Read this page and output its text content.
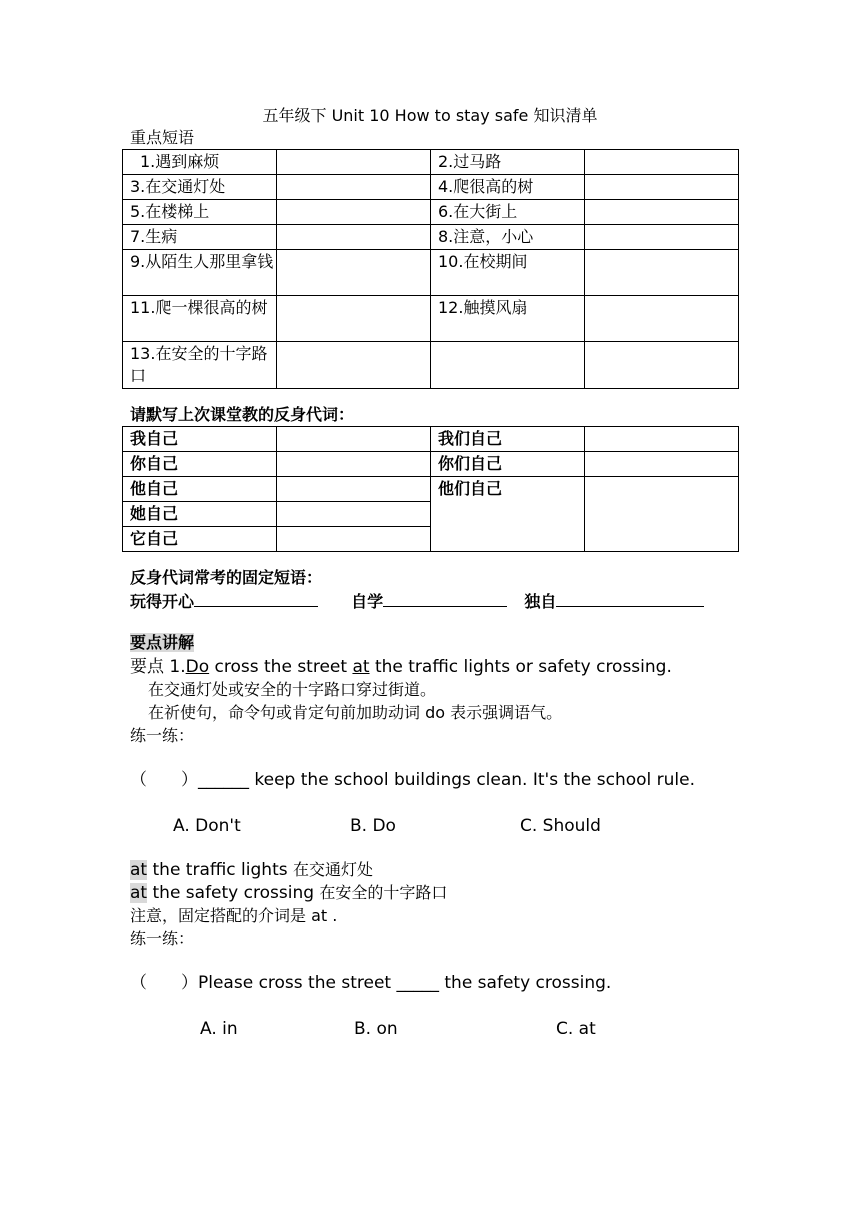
五年级下 Unit 10 How to stay safe 知识清单
重点短语
1.遇到麻烦		2.过马路	
3.在交通灯处		4.爬很高的树	
5.在楼梯上		6.在大街上	
7.生病		8.注意，小心	
9.从陌生人那里拿钱		10.在校期间	
11.爬一棵很高的树		12.触摸风扇	
13.在安全的十字路口			
请默写上次课堂教的反身代词：
我自己		我们自己	
你自己		你们自己	
他自己		他们自己	
她自己			
它自己			
反身代词常考的固定短语：
玩得开心	自学	独自
要点讲解
要点 1.Do cross the street at the traffic lights or safety crossing.
在交通灯处或安全的十字路口穿过街道。
在祈使句，命令句或肯定句前加助动词 do 表示强调语气。
练一练：
（　　）______ keep the school buildings clean. It's the school rule.
A. Don't	B. Do	C. Should
at the traffic lights 在交通灯处
at the safety crossing 在安全的十字路口
注意，固定搭配的介词是 at .
练一练：
（　　）Please cross the street _____ the safety crossing.
A. in	B. on	C. at
